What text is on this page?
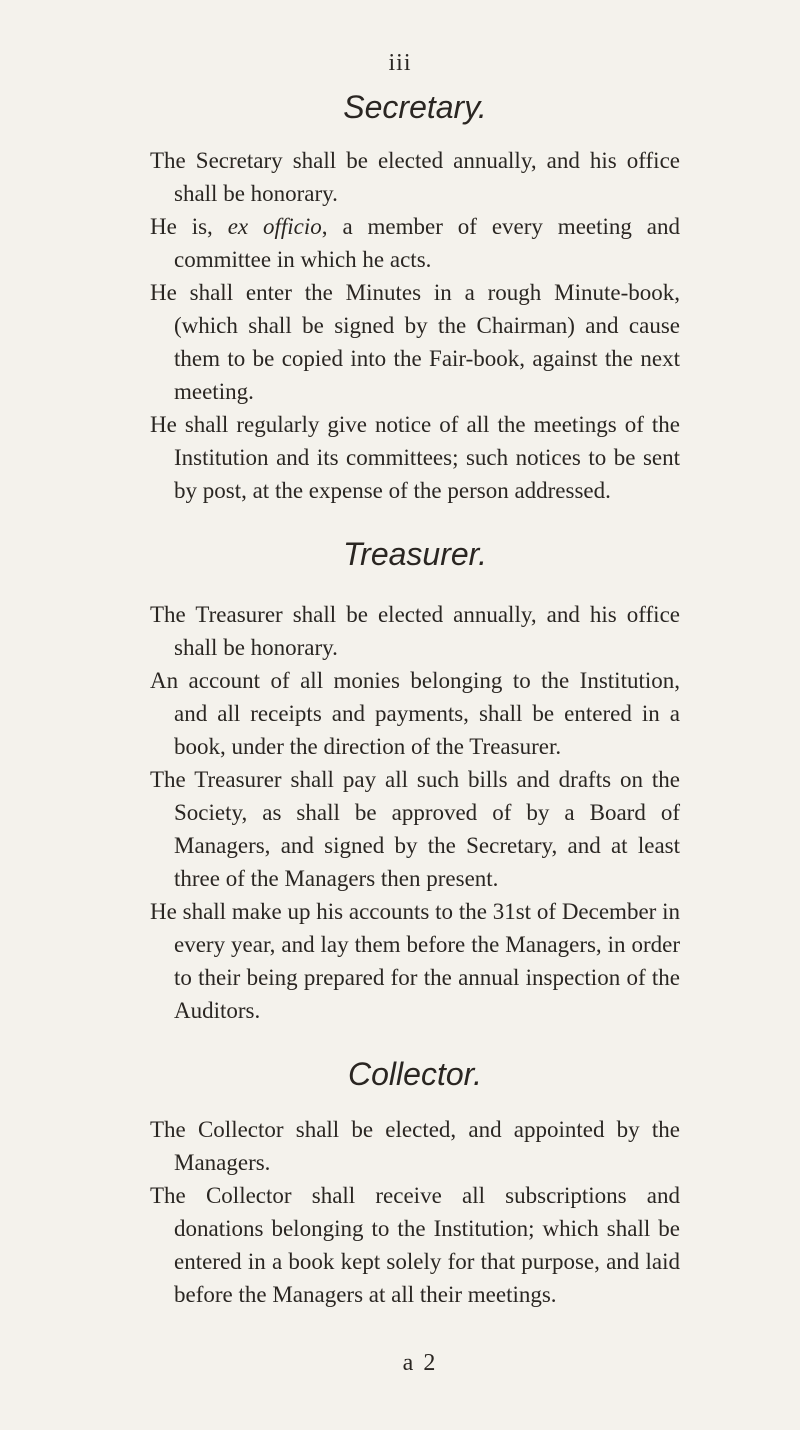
iii
Secretary.

The Secretary shall be elected annually, and his office shall be honorary.

He is, ex officio, a member of every meeting and committee in which he acts.

He shall enter the Minutes in a rough Minute-book, (which shall be signed by the Chairman) and cause them to be copied into the Fair-book, against the next meeting.

He shall regularly give notice of all the meetings of the Institution and its committees; such notices to be sent by post, at the expense of the person addressed.

Treasurer.

The Treasurer shall be elected annually, and his office shall be honorary.

An account of all monies belonging to the Institution, and all receipts and payments, shall be entered in a book, under the direction of the Treasurer.

The Treasurer shall pay all such bills and drafts on the Society, as shall be approved of by a Board of Managers, and signed by the Secretary, and at least three of the Managers then present.

He shall make up his accounts to the 31st of December in every year, and lay them before the Managers, in order to their being prepared for the annual inspection of the Auditors.

Collector.

The Collector shall be elected, and appointed by the Managers.

The Collector shall receive all subscriptions and donations belonging to the Institution; which shall be entered in a book kept solely for that purpose, and laid before the Managers at all their meetings.

a 2
